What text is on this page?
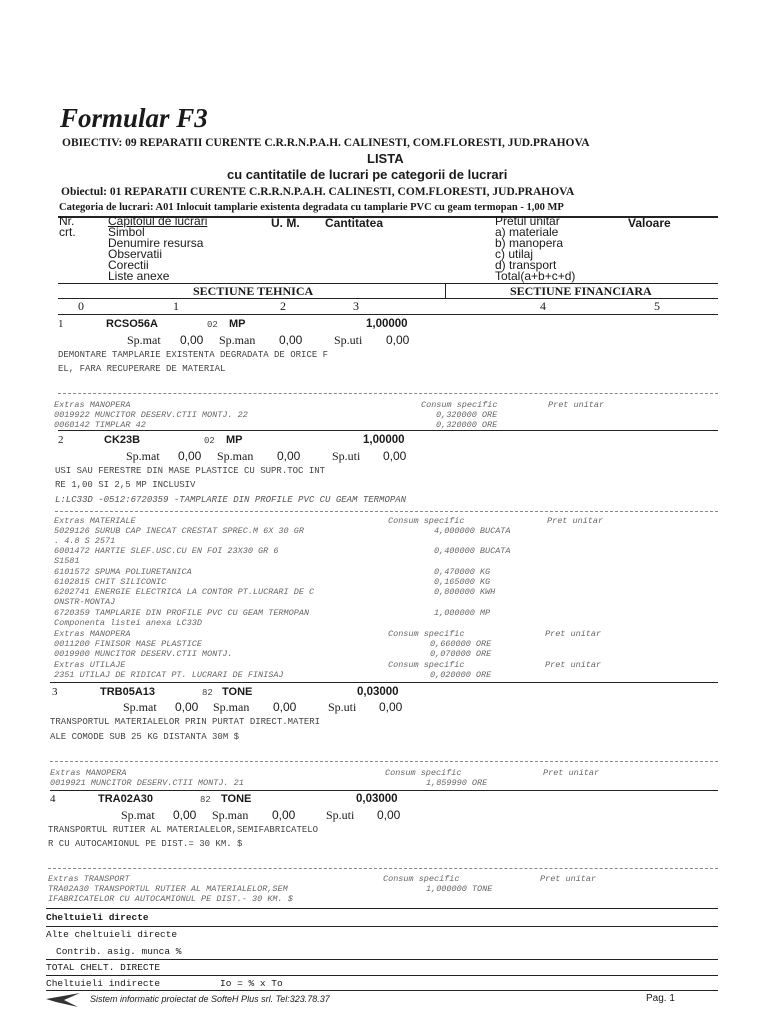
Formular F3
OBIECTIV: 09 REPARATII CURENTE C.R.R.N.P.A.H. CALINESTI, COM.FLORESTI, JUD.PRAHOVA
LISTA
cu cantitatile de lucrari pe categorii de lucrari
Obiectul: 01 REPARATII CURENTE C.R.R.N.P.A.H. CALINESTI, COM.FLORESTI, JUD.PRAHOVA
Categoria de lucrari: A01 Inlocuit tamplarie existenta degradata cu tamplarie PVC cu geam termopan - 1,00 MP
Nr.
crt.
Capitolul de lucrari
Simbol
Denumire resursa
Observatii
Corectii
Liste anexe
U. M. Cantitatea	Pretul unitar
a) materiale
b) manopera
c) utilaj
d) transport
Total(a+b+c+d)
Valoare
SECTIUNE TEHNICA	SECTIUNE FINANCIARA
0	1	2	3	4	5
1	RCSO56A	02 MP	1,00000
Sp.mat 0,00 Sp.man 0,00	Sp.uti 0,00
DEMONTARE TAMPLARIE EXISTENTA DEGRADATA DE ORICE F
EL, FARA RECUPERARE DE MATERIAL
Extras MANOPERA	Consum specific	Pret unitar
0019922 MUNCITOR DESERV.CTII MONTJ. 22	0,320000 ORE
0060142 TIMPLAR 42	0,320000 ORE
2	CK23B	02 MP	1,00000
Sp.mat 0,00 Sp.man 0,00	Sp.uti 0,00
USI SAU FERESTRE DIN MASE PLASTICE CU SUPR.TOC INT
RE 1,00 SI 2,5 MP INCLUSIV
L:LC33D -0512:6720359 -TAMPLARIE DIN PROFILE PVC CU GEAM TERMOPAN
Extras MATERIALE	Consum specific	Pret unitar
5029126 SURUB CAP INECAT CRESTAT SPREC.M 6X 30 GR	4,000000 BUCATA
. 4.8 S 2571
6001472 HARTIE SLEF.USC.CU EN FOI 23X30 GR 6	0,400000 BUCATA
S1581
6101572 SPUMA POLIURETANICA	0,470000 KG
6102815 CHIT SILICONIC	0,165000 KG
6202741 ENERGIE ELECTRICA LA CONTOR PT.LUCRARI DE C	0,800000 KWH
ONSTR-MONTAJ
6720359 TAMPLARIE DIN PROFILE PVC CU GEAM TERMOPAN	1,000000 MP
Componenta listei anexa LC33D
Extras MANOPERA	Consum specific	Pret unitar
0011200 FINISOR MASE PLASTICE	0,660000 ORE
0019900 MUNCITOR DESERV.CTII MONTJ.	0,070000 ORE
Extras UTILAJE	Consum specific	Pret unitar
2351 UTILAJ DE RIDICAT PT. LUCRARI DE FINISAJ	0,020000 ORE
3	TRB05A13	82 TONE	0,03000
Sp.mat 0,00 Sp.man 0,00	Sp.uti 0,00
TRANSPORTUL MATERIALELOR PRIN PURTAT DIRECT.MATERI
ALE COMODE SUB 25 KG DISTANTA 30M $
Extras MANOPERA	Consum specific	Pret unitar
0019921 MUNCITOR DESERV.CTII MONTJ. 21	1,859990 ORE
4	TRA02A30	82 TONE	0,03000
Sp.mat 0,00 Sp.man 0,00	Sp.uti 0,00
TRANSPORTUL RUTIER AL MATERIALELOR,SEMIFABRICATELO
R CU AUTOCAMIONUL PE DIST.= 30 KM. $
Extras TRANSPORT	Consum specific	Pret unitar
TRA02A30 TRANSPORTUL RUTIER AL MATERIALELOR,SEM	1,000000 TONE
IFABRICATELOR CU AUTOCAMIONUL PE DIST.- 30 KM. $
Cheltuieli directe
Alte cheltuieli directe
Contrib. asig. munca %
TOTAL CHELT. DIRECTE
Cheltuieli indirecte	Io = % x To
Sistem informatic proiectat de SofteH Plus srl. Tel:323.78.37	Pag. 1
